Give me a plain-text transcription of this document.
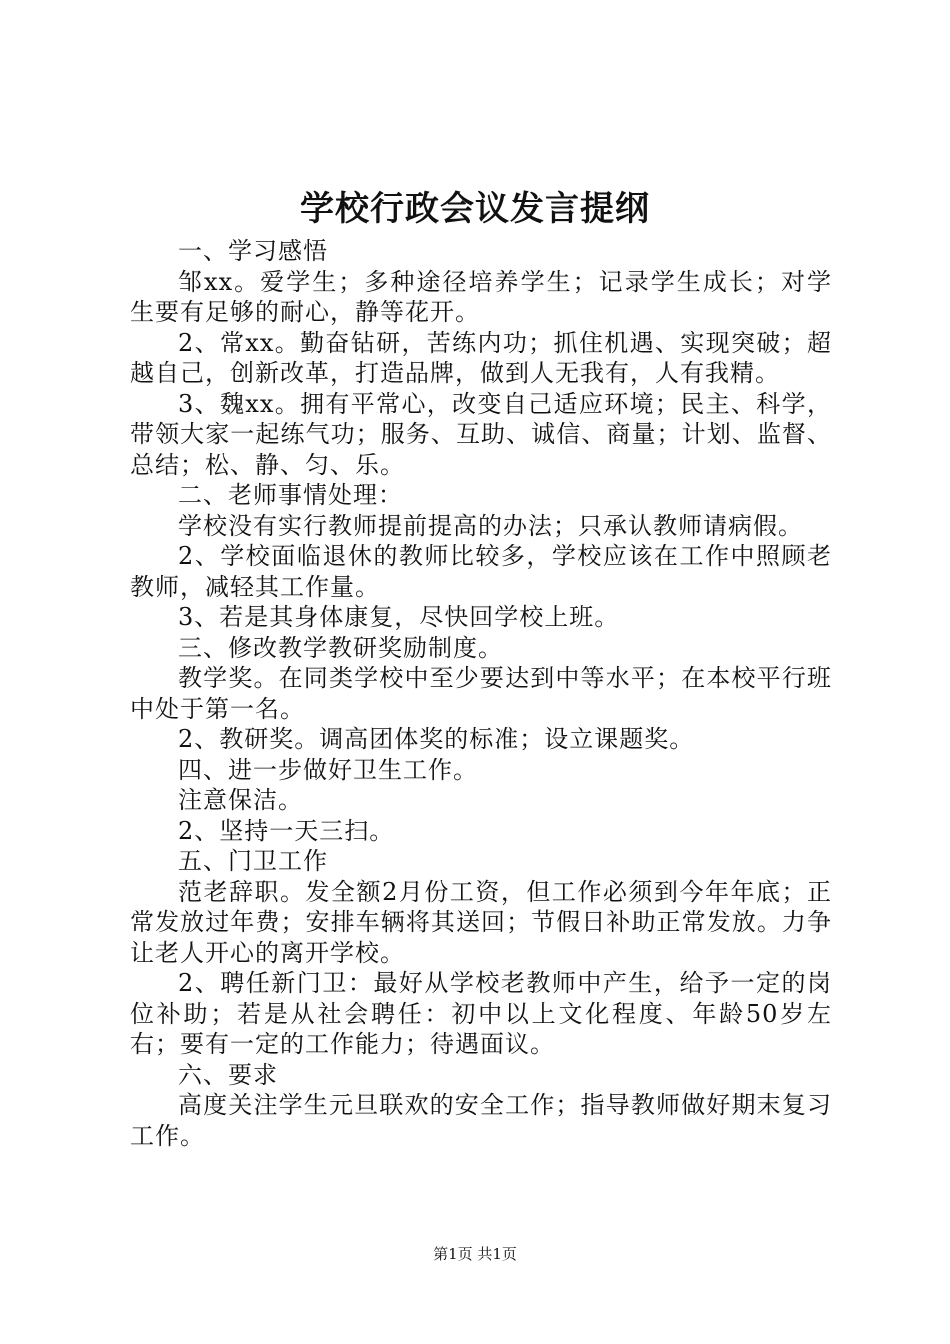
学校行政会议发言提纲

一、学习感悟

邹xx。爱学生；多种途径培养学生；记录学生成长；对学生要有足够的耐心，静等花开。

2、常xx。勤奋钻研，苦练内功；抓住机遇、实现突破；超越自己，创新改革，打造品牌，做到人无我有，人有我精。

3、魏xx。拥有平常心，改变自己适应环境；民主、科学，带领大家一起练气功；服务、互助、诚信、商量；计划、监督、总结；松、静、匀、乐。

二、老师事情处理：

学校没有实行教师提前提高的办法；只承认教师请病假。

2、学校面临退休的教师比较多，学校应该在工作中照顾老教师，减轻其工作量。

3、若是其身体康复，尽快回学校上班。

三、修改教学教研奖励制度。

教学奖。在同类学校中至少要达到中等水平；在本校平行班中处于第一名。

2、教研奖。调高团体奖的标准；设立课题奖。

四、进一步做好卫生工作。

注意保洁。

2、坚持一天三扫。

五、门卫工作

范老辞职。发全额2月份工资，但工作必须到今年年底；正常发放过年费；安排车辆将其送回；节假日补助正常发放。力争让老人开心的离开学校。

2、聘任新门卫：最好从学校老教师中产生，给予一定的岗位补助；若是从社会聘任：初中以上文化程度、年龄50岁左右；要有一定的工作能力；待遇面议。

六、要求

高度关注学生元旦联欢的安全工作；指导教师做好期末复习工作。

第1页 共1页
